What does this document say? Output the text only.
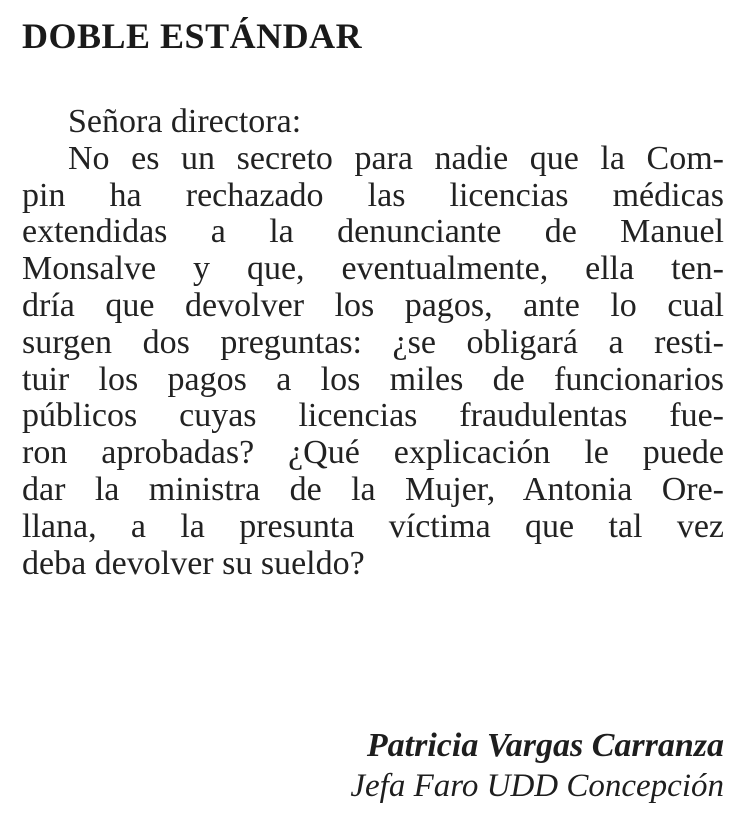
DOBLE ESTÁNDAR
Señora directora:
No es un secreto para nadie que la Com-
pin ha rechazado las licencias médicas
extendidas a la denunciante de Manuel
Monsalve y que, eventualmente, ella ten-
dría que devolver los pagos, ante lo cual
surgen dos preguntas: ¿se obligará a resti-
tuir los pagos a los miles de funcionarios
públicos cuyas licencias fraudulentas fue-
ron aprobadas? ¿Qué explicación le puede
dar la ministra de la Mujer, Antonia Ore-
llana, a la presunta víctima que tal vez
deba devolver su sueldo?
Patricia Vargas Carranza
Jefa Faro UDD Concepción
